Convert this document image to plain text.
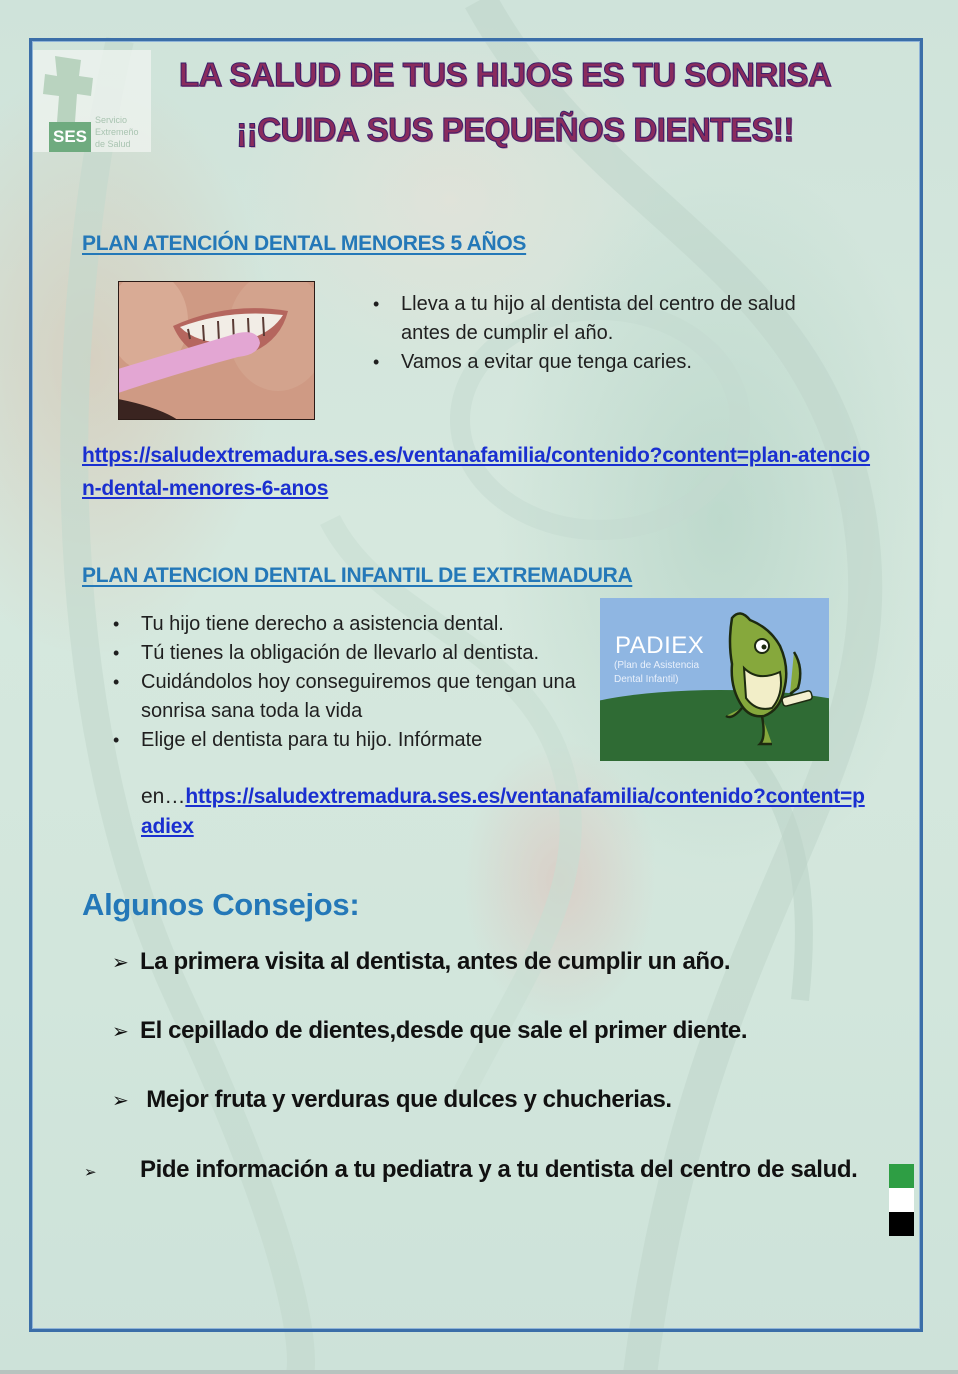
SES
Servicio
Extremeño
de Salud
LA SALUD DE TUS HIJOS ES TU SONRISA
¡¡CUIDA SUS PEQUEÑOS DIENTES!!
PLAN ATENCIÓN DENTAL MENORES 5 AÑOS
• Lleva a tu hijo al dentista del centro de salud antes de cumplir el año.
• Vamos a evitar que tenga caries.
https://saludextremadura.ses.es/ventanafamilia/contenido?content=plan-atencion-dental-menores-6-anos
PLAN ATENCION DENTAL INFANTIL DE EXTREMADURA
• Tu hijo tiene derecho a asistencia dental.
• Tú tienes la obligación de llevarlo al dentista.
• Cuidándolos hoy conseguiremos que tengan una sonrisa sana toda la vida
• Elige el dentista para tu hijo. Infórmate
PADIEX
(Plan de Asistencia
Dental Infantil)
en…https://saludextremadura.ses.es/ventanafamilia/contenido?content=padiex
Algunos Consejos:
➢ La primera visita al dentista, antes de cumplir un año.
➢ El cepillado de dientes,desde que sale el primer diente.
➢ Mejor fruta y verduras que dulces y chucherias.
➢ Pide información a tu pediatra y a tu dentista del centro de salud.
